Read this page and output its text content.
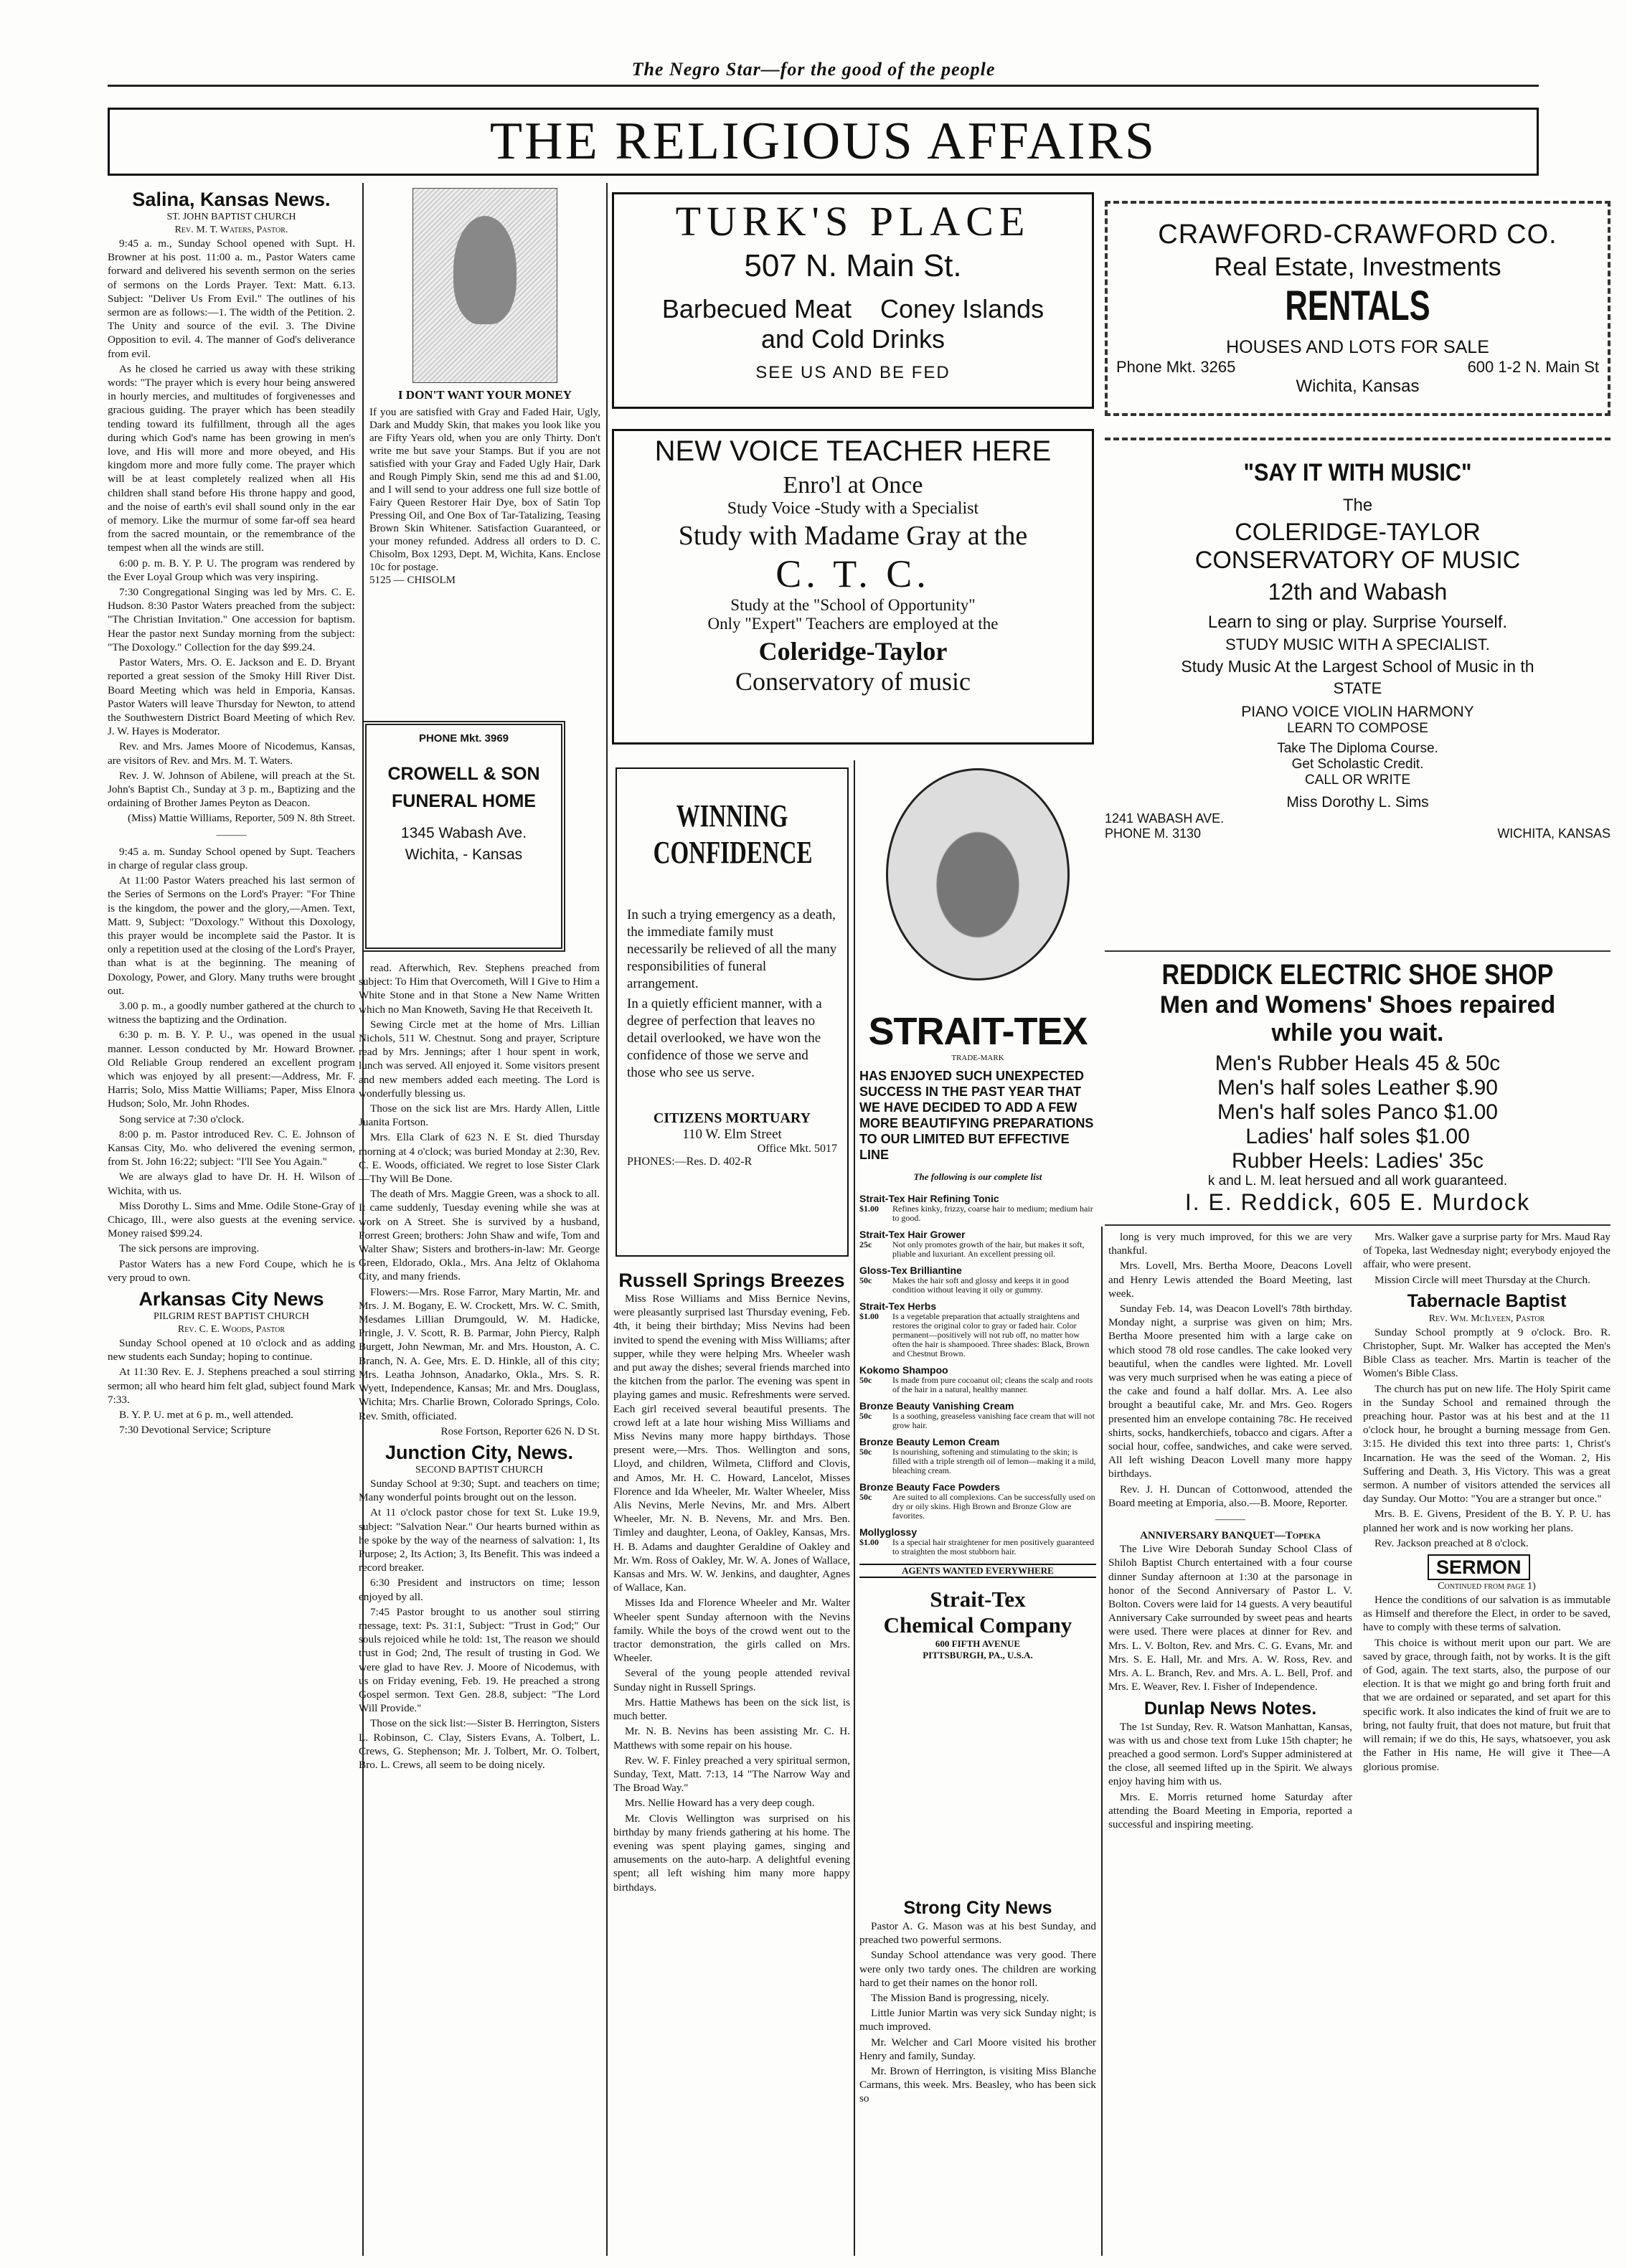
The Negro Star—for the good of the people
THE RELIGIOUS AFFAIRS
Salina, Kansas News.
ST. JOHN BAPTIST CHURCH
Rev. M. T. Waters, Pastor.

9:45 a. m., Sunday School opened with Supt. H. Browner at his post. 11:00 a. m., Pastor Waters came forward and delivered his seventh sermon on the series of sermons on the Lords Prayer. Text: Matt. 6.13. Subject: "Deliver Us From Evil." The outlines of his sermon are as follows:—1. The width of the Petition. 2. The Unity and source of the evil. 3. The Divine Opposition to evil. 4. The manner of God's deliverance from evil.

As he closed he carried us away with these striking words: "The prayer which is every hour being answered in hourly mercies, and multitudes of forgivenesses and gracious guiding. The prayer which has been steadily tending toward its fulfillment, through all the ages during which God's name has been growing in men's love, and His will more and more obeyed, and His kingdom more and more fully come. The prayer which will be at least completely realized when all His children shall stand before His throne happy and good, and the noise of earth's evil shall sound only in the ear of memory. Like the murmur of some far-off sea heard from the sacred mountain, or the remembrance of the tempest when all the winds are still.

6:00 p. m. B. Y. P. U. The program was rendered by the Ever Loyal Group which was very inspiring.

7:30 Congregational Singing was led by Mrs. C. E. Hudson. 8:30 Pastor Waters preached from the subject: "The Christian Invitation." One accession for baptism. Hear the pastor next Sunday morning from the subject: "The Doxology." Collection for the day $99.24.

Pastor Waters, Mrs. O. E. Jackson and E. D. Bryant reported a great session of the Smoky Hill River Dist. Board Meeting which was held in Emporia, Kansas. Pastor Waters will leave Thursday for Newton, to attend the Southwestern District Board Meeting of which Rev. J. W. Hayes is Moderator.

Rev. and Mrs. James Moore of Nicodemus, Kansas, are visitors of Rev. and Mrs. M. T. Waters.

Rev. J. W. Johnson of Abilene, will preach at the St. John's Baptist Ch., Sunday at 3 p. m., Baptizing and the ordaining of Brother James Peyton as Deacon.

(Miss) Mattie Williams, Reporter, 509 N. 8th Street.

———

9:45 a. m. Sunday School opened by Supt. Teachers in charge of regular class group.

At 11:00 Pastor Waters preached his last sermon of the Series of Sermons on the Lord's Prayer: "For Thine is the kingdom, the power and the glory,—Amen. Text, Matt. 9, Subject: "Doxology." Without this Doxology, this prayer would be incomplete said the Pastor. It is only a repetition used at the closing of the Lord's Prayer, than what is at the beginning. The meaning of Doxology, Power, and Glory. Many truths were brought out.

3.00 p. m., a goodly number gathered at the church to witness the baptizing and the Ordination.

6:30 p. m. B. Y. P. U., was opened in the usual manner. Lesson conducted by Mr. Howard Browner. Old Reliable Group rendered an excellent program which was enjoyed by all present:—Address, Mr. F. Harris; Solo, Miss Mattie Williams; Paper, Miss Elnora Hudson; Solo, Mr. John Rhodes.

Song service at 7:30 o'clock.

8:00 p. m. Pastor introduced Rev. C. E. Johnson of Kansas City, Mo. who delivered the evening sermon, from St. John 16:22; subject: "I'll See You Again."

We are always glad to have Dr. H. H. Wilson of Wichita, with us.

Miss Dorothy L. Sims and Mme. Odile Stone-Gray of Chicago, Ill., were also guests at the evening service. Money raised $99.24.

The sick persons are improving.

Pastor Waters has a new Ford Coupe, which he is very proud to own.

Arkansas City News
PILGRIM REST BAPTIST CHURCH
Rev. C. E. Woods, Pastor

Sunday School opened at 10 o'clock and as adding new students each Sunday; hoping to continue.

At 11:30 Rev. E. J. Stephens preached a soul stirring sermon; all who heard him felt glad, subject found Mark 7:33.

B. Y. P. U. met at 6 p. m., well attended.

7:30 Devotional Service; Scripture

I DON'T WANT YOUR MONEY
If you are satisfied with Gray and Faded Hair, Ugly, Dark and Muddy Skin, that makes you look like you are Fifty Years old, when you are only Thirty. Don't write me but save your Stamps. But if you are not satisfied with your Gray and Faded Ugly Hair, Dark and Rough Pimply Skin, send me this ad and $1.00, and I will send to your address one full size bottle of Fairy Queen Restorer Hair Dye, box of Satin Top Pressing Oil, and One Box of Tar-Tatalizing, Teasing Brown Skin Whitener. Satisfaction Guaranteed, or your money refunded. Address all orders to D. C. Chisolm, Box 1293, Dept. M, Wichita, Kans. Enclose 10c for postage.
5125 — CHISOLM
PHONE Mkt. 3969
CROWELL & SON FUNERAL HOME
1345 Wabash Ave.
Wichita, - Kansas

read. Afterwhich, Rev. Stephens preached from subject: To Him that Overcometh, Will I Give to Him a White Stone and in that Stone a New Name Written which no Man Knoweth, Saving He that Receiveth It.

Sewing Circle met at the home of Mrs. Lillian Nichols, 511 W. Chestnut. Song and prayer, Scripture read by Mrs. Jennings; after 1 hour spent in work, lunch was served. All enjoyed it. Some visitors present and new members added each meeting. The Lord is wonderfully blessing us.

Those on the sick list are Mrs. Hardy Allen, Little Juanita Fortson.

Mrs. Ella Clark of 623 N. E St. died Thursday morning at 4 o'clock; was buried Monday at 2:30, Rev. C. E. Woods, officiated. We regret to lose Sister Clark—Thy Will Be Done.

The death of Mrs. Maggie Green, was a shock to all. It came suddenly, Tuesday evening while she was at work on A Street. She is survived by a husband, Forrest Green; brothers: John Shaw and wife, Tom and Walter Shaw; Sisters and brothers-in-law: Mr. George Green, Eldorado, Okla., Mrs. Ana Jeltz of Oklahoma City, and many friends.

Flowers:—Mrs. Rose Farror, Mary Martin, Mr. and Mrs. J. M. Bogany, E. W. Crockett, Mrs. W. C. Smith, Mesdames Lillian Drumgould, W. M. Hadicke, Pringle, J. V. Scott, R. B. Parmar, John Piercy, Ralph Burgett, John Newman, Mr. and Mrs. Houston, A. C. Branch, N. A. Gee, Mrs. E. D. Hinkle, all of this city; Mrs. Leatha Johnson, Anadarko, Okla., Mrs. S. R. Wyett, Independence, Kansas; Mr. and Mrs. Douglass, Wichita; Mrs. Charlie Brown, Colorado Springs, Colo. Rev. Smith, officiated.

Rose Fortson, Reporter 626 N. D St.

Junction City, News.
SECOND BAPTIST CHURCH

Sunday School at 9:30; Supt. and teachers on time; Many wonderful points brought out on the lesson.

At 11 o'clock pastor chose for text St. Luke 19.9, subject: "Salvation Near." Our hearts burned within as he spoke by the way of the nearness of salvation: 1, Its Purpose; 2, Its Action; 3, Its Benefit. This was indeed a record breaker.

6:30 President and instructors on time; lesson enjoyed by all.

7:45 Pastor brought to us another soul stirring message, text: Ps. 31:1, Subject: "Trust in God;" Our souls rejoiced while he told: 1st, The reason we should trust in God; 2nd, The result of trusting in God. We were glad to have Rev. J. Moore of Nicodemus, with us on Friday evening, Feb. 19. He preached a strong Gospel sermon. Text Gen. 28.8, subject: "The Lord Will Provide."

Those on the sick list:—Sister B. Herrington, Sisters L. Robinson, C. Clay, Sisters Evans, A. Tolbert, L. Crews, G. Stephenson; Mr. J. Tolbert, Mr. O. Tolbert, Bro. L. Crews, all seem to be doing nicely.

TURK'S PLACE
507 N. Main St.
Barbecued Meat    Coney Islands
and Cold Drinks
SEE US AND BE FED
NEW VOICE TEACHER HERE
Enro'l at Once
Study Voice -Study with a Specialist
Study with Madame Gray at the
C. T. C.
Study at the "School of Opportunity"
Only "Expert" Teachers are employed at the
Coleridge-Taylor
Conservatory of music
WINNING
CONFIDENCE
In such a trying emergency as a death, the immediate family must necessarily be relieved of all the many responsibilities of funeral arrangement.
In a quietly efficient manner, with a degree of perfection that leaves no detail overlooked, we have won the confidence of those we serve and those who see us serve.
CITIZENS MORTUARY
110 W. Elm Street
Office Mkt. 5017
PHONES:—Res. D. 402-R
Russell Springs Breezes

Miss Rose Williams and Miss Bernice Nevins, were pleasantly surprised last Thursday evening, Feb. 4th, it being their birthday; Miss Nevins had been invited to spend the evening with Miss Williams; after supper, while they were helping Mrs. Wheeler wash and put away the dishes; several friends marched into the kitchen from the parlor. The evening was spent in playing games and music. Refreshments were served. Each girl received several beautiful presents. The crowd left at a late hour wishing Miss Williams and Miss Nevins many more happy birthdays. Those present were,—Mrs. Thos. Wellington and sons, Lloyd, and children, Wilmeta, Clifford and Clovis, and Amos, Mr. H. C. Howard, Lancelot, Misses Florence and Ida Wheeler, Mr. Walter Wheeler, Miss Alis Nevins, Merle Nevins, Mr. and Mrs. Albert Wheeler, Mr. N. B. Nevens, Mr. and Mrs. Ben. Timley and daughter, Leona, of Oakley, Kansas, Mrs. H. B. Adams and daughter Geraldine of Oakley and Mr. Wm. Ross of Oakley, Mr. W. A. Jones of Wallace, Kansas and Mrs. W. W. Jenkins, and daughter, Agnes of Wallace, Kan.

Misses Ida and Florence Wheeler and Mr. Walter Wheeler spent Sunday afternoon with the Nevins family. While the boys of the crowd went out to the tractor demonstration, the girls called on Mrs. Wheeler.

Several of the young people attended revival Sunday night in Russell Springs.

Mrs. Hattie Mathews has been on the sick list, is much better.

Mr. N. B. Nevins has been assisting Mr. C. H. Matthews with some repair on his house.

Rev. W. F. Finley preached a very spiritual sermon, Sunday, Text, Matt. 7:13, 14 "The Narrow Way and The Broad Way."

Mrs. Nellie Howard has a very deep cough.

Mr. Clovis Wellington was surprised on his birthday by many friends gathering at his home. The evening was spent playing games, singing and amusements on the auto-harp. A delightful evening spent; all left wishing him many more happy birthdays.

STRAIT-TEX
TRADE-MARK
HAS ENJOYED SUCH UNEXPECTED SUCCESS IN THE PAST YEAR THAT WE HAVE DECIDED TO ADD A FEW MORE BEAUTIFYING PREPARATIONS TO OUR LIMITED BUT EFFECTIVE LINE
The following is our complete list
Strait-Tex Hair Refining Tonic
$1.00	Refines kinky, frizzy, coarse hair to medium; medium hair to good.
Strait-Tex Hair Grower
25c	Not only promotes growth of the hair, but makes it soft, pliable and luxuriant. An excellent pressing oil.
Gloss-Tex Brilliantine
50c	Makes the hair soft and glossy and keeps it in good condition without leaving it oily or gummy.
Strait-Tex Herbs
$1.00	Is a vegetable preparation that actually straightens and restores the original color to gray or faded hair. Color permanent—positively will not rub off, no matter how often the hair is shampooed. Three shades: Black, Brown and Chestnut Brown.
Kokomo Shampoo
50c	Is made from pure cocoanut oil; cleans the scalp and roots of the hair in a natural, healthy manner.
Bronze Beauty Vanishing Cream
50c	Is a soothing, greaseless vanishing face cream that will not grow hair.
Bronze Beauty Lemon Cream
50c	Is nourishing, softening and stimulating to the skin; is filled with a triple strength oil of lemon—making it a mild, bleaching cream.
Bronze Beauty Face Powders
50c	Are suited to all complexions. Can be successfully used on dry or oily skins. High Brown and Bronze Glow are favorites.
Mollyglossy
$1.00	Is a special hair straightener for men positively guaranteed to straighten the most stubborn hair.
AGENTS WANTED EVERYWHERE
Strait-Tex
Chemical Company
600 FIFTH AVENUE
PITTSBURGH, PA., U.S.A.
Strong City News

Pastor A. G. Mason was at his best Sunday, and preached two powerful sermons.

Sunday School attendance was very good. There were only two tardy ones. The children are working hard to get their names on the honor roll.

The Mission Band is progressing, nicely.

Little Junior Martin was very sick Sunday night; is much improved.

Mr. Welcher and Carl Moore visited his brother Henry and family, Sunday.

Mr. Brown of Herrington, is visiting Miss Blanche Carmans, this week. Mrs. Beasley, who has been sick so

CRAWFORD-CRAWFORD CO.
Real Estate, Investments
RENTALS
HOUSES AND LOTS FOR SALE
Phone Mkt. 3265	600 1-2 N. Main St
Wichita, Kansas
"SAY IT WITH MUSIC"
The
COLERIDGE-TAYLOR
CONSERVATORY OF MUSIC
12th and Wabash
Learn to sing or play. Surprise Yourself.
STUDY MUSIC WITH A SPECIALIST.
Study Music At the Largest School of Music in th
STATE
PIANO VOICE VIOLIN HARMONY
LEARN TO COMPOSE
Take The Diploma Course.
Get Scholastic Credit.
CALL OR WRITE
Miss Dorothy L. Sims
1241 WABASH AVE.
PHONE M. 3130	WICHITA, KANSAS
REDDICK ELECTRIC SHOE SHOP
Men and Womens' Shoes repaired
while you wait.
Men's Rubber Heals 45 & 50c
Men's half soles Leather $.90
Men's half soles Panco $1.00
Ladies' half soles $1.00
Rubber Heels: Ladies' 35c
k and L. M. leat hersued and all work guaranteed.
I. E. Reddick, 605 E. Murdock

long is very much improved, for this we are very thankful.

Mrs. Lovell, Mrs. Bertha Moore, Deacons Lovell and Henry Lewis attended the Board Meeting, last week.

Sunday Feb. 14, was Deacon Lovell's 78th birthday. Monday night, a surprise was given on him; Mrs. Bertha Moore presented him with a large cake on which stood 78 old rose candles. The cake looked very beautiful, when the candles were lighted. Mr. Lovell was very much surprised when he was eating a piece of the cake and found a half dollar. Mrs. A. Lee also brought a beautiful cake, Mr. and Mrs. Geo. Rogers presented him an envelope containing 78c. He received shirts, socks, handkerchiefs, tobacco and cigars. After a social hour, coffee, sandwiches, and cake were served. All left wishing Deacon Lovell many more happy birthdays.

Rev. J. H. Duncan of Cottonwood, attended the Board meeting at Emporia, also.—B. Moore, Reporter.

———
ANNIVERSARY BANQUET—Topeka

The Live Wire Deborah Sunday School Class of Shiloh Baptist Church entertained with a four course dinner Sunday afternoon at 1:30 at the parsonage in honor of the Second Anniversary of Pastor L. V. Bolton. Covers were laid for 14 guests. A very beautiful Anniversary Cake surrounded by sweet peas and hearts were used. There were places at dinner for Rev. and Mrs. L. V. Bolton, Rev. and Mrs. C. G. Evans, Mr. and Mrs. S. E. Hall, Mr. and Mrs. A. W. Ross, Rev. and Mrs. A. L. Branch, Rev. and Mrs. A. L. Bell, Prof. and Mrs. E. Weaver, Rev. I. Fisher of Independence.

Dunlap News Notes.

The 1st Sunday, Rev. R. Watson Manhattan, Kansas, was with us and chose text from Luke 15th chapter; he preached a good sermon. Lord's Supper administered at the close, all seemed lifted up in the Spirit. We always enjoy having him with us.

Mrs. E. Morris returned home Saturday after attending the Board Meeting in Emporia, reported a successful and inspiring meeting.

Mrs. Walker gave a surprise party for Mrs. Maud Ray of Topeka, last Wednesday night; everybody enjoyed the affair, who were present.

Mission Circle will meet Thursday at the Church.

Tabernacle Baptist
Rev. Wm. McIlveen, Pastor

Sunday School promptly at 9 o'clock. Bro. R. Christopher, Supt. Mr. Walker has accepted the Men's Bible Class as teacher. Mrs. Martin is teacher of the Women's Bible Class.

The church has put on new life. The Holy Spirit came in the Sunday School and remained through the preaching hour. Pastor was at his best and at the 11 o'clock hour, he brought a burning message from Gen. 3:15. He divided this text into three parts: 1, Christ's Incarnation. He was the seed of the Woman. 2, His Suffering and Death. 3, His Victory. This was a great sermon. A number of visitors attended the services all day Sunday. Our Motto: "You are a stranger but once."

Mrs. B. E. Givens, President of the B. Y. P. U. has planned her work and is now working her plans.

Rev. Jackson preached at 8 o'clock.

SERMON
Continued from page 1)

Hence the conditions of our salvation is as immutable as Himself and therefore the Elect, in order to be saved, have to comply with these terms of salvation.

This choice is without merit upon our part. We are saved by grace, through faith, not by works. It is the gift of God, again. The text starts, also, the purpose of our election. It is that we might go and bring forth fruit and that we are ordained or separated, and set apart for this specific work. It also indicates the kind of fruit we are to bring, not faulty fruit, that does not mature, but fruit that will remain; if we do this, He says, whatsoever, you ask the Father in His name, He will give it Thee—A glorious promise.
